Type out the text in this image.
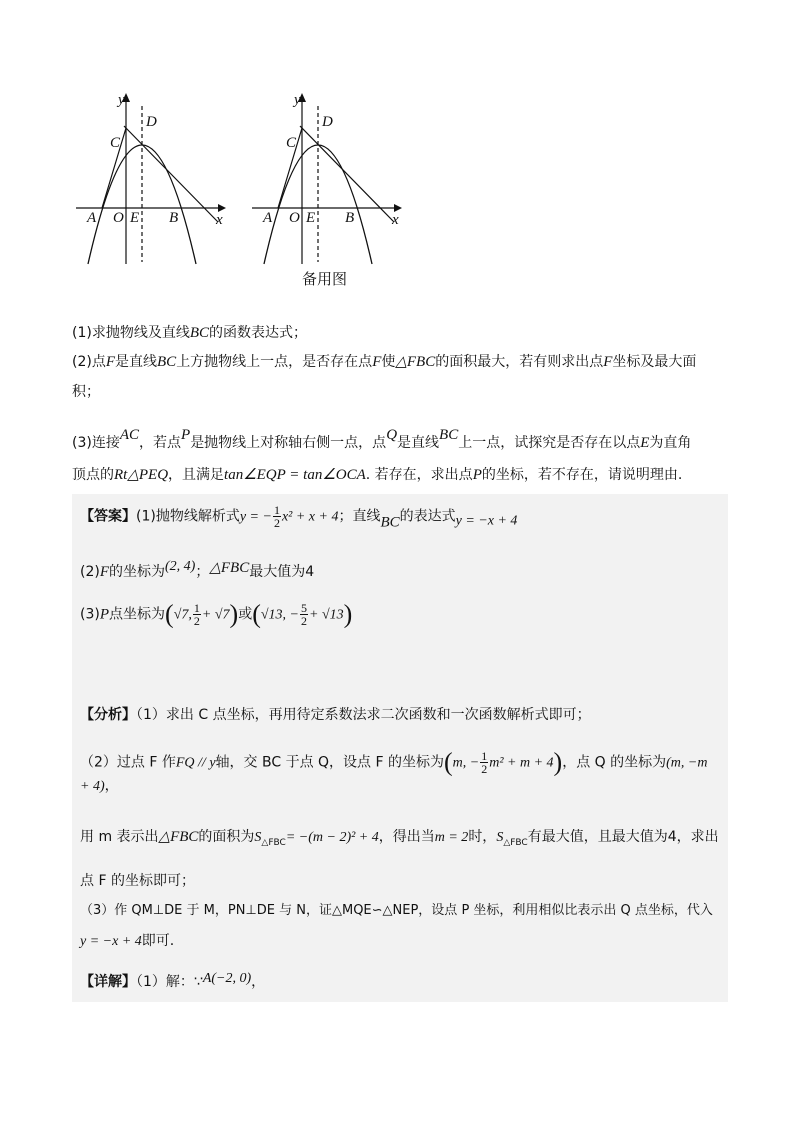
y
x
C
D
A O E B
y
x
C
D
A O E B
备用图
(1)求抛物线及直线BC的函数表达式；
(2)点F是直线BC上方抛物线上一点，是否存在点F使△FBC的面积最大，若有则求出点F坐标及最大面
积；
(3)连接AC，若点P是抛物线上对称轴右侧一点，点Q是直线BC上一点，试探究是否存在以点E为直角
顶点的Rt△PEQ，且满足tan∠EQP = tan∠OCA. 若存在，求出点P的坐标，若不存在，请说明理由.
【答案】(1)抛物线解析式y = − $\frac{1}{2} x^2 + x + 4$；直线BC的表达式y = −x + 4
(2)F的坐标为(2, 4)；△FBC最大值为4
(3)P点坐标为(√7, $\frac{1}{2} + √7$)或(√13, − $\frac{5}{2} + √13$)
【分析】（1）求出 C 点坐标，再用待定系数法求二次函数和一次函数解析式即可；
（2）过点 F 作FQ // y轴，交 BC 于点 Q，设点 F 的坐标为(m, − $\frac{1}{2} m^2 + m + 4$)，点 Q 的坐标为(m, −m + 4)，
用 m 表示出△FBC的面积为$S_{\triangle FBC}= -(m - 2)^2 + 4$，得出当m = 2时，$S_{\triangle FBC}$有最大值，且最大值为4，求出
点 F 的坐标即可；
（3）作 QM⊥DE 于 M，PN⊥DE 与 N，证△MQE∽△NEP，设点 P 坐标，利用相似比表示出 Q 点坐标，代入
y = −x + 4即可.
【详解】（1）解：∵A(−2, 0)，
